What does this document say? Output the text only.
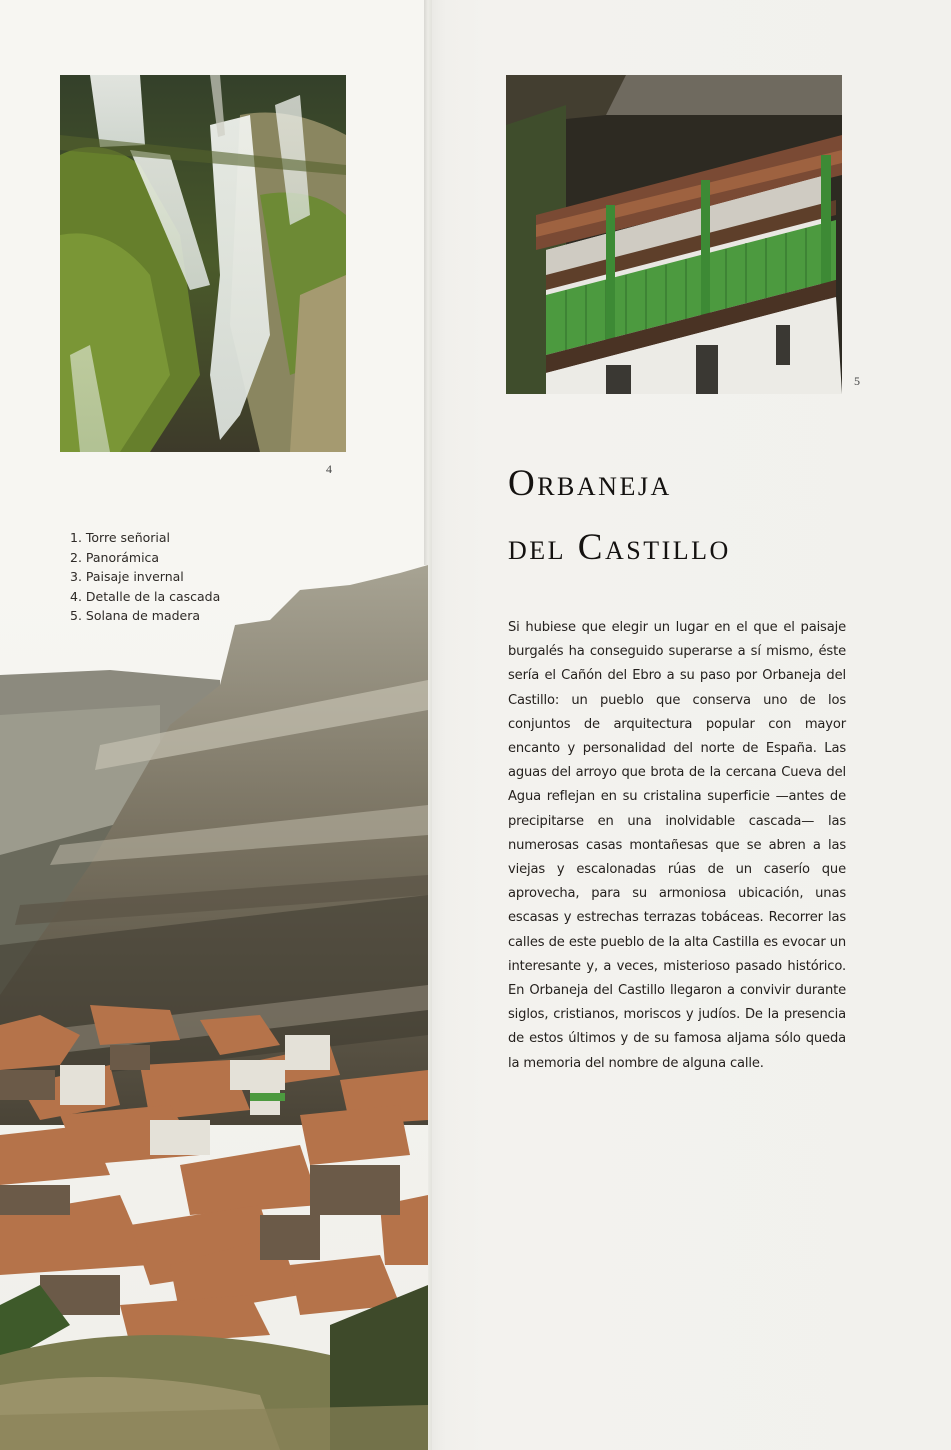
4
5
1. Torre señorial
2. Panorámica
3. Paisaje invernal
4. Detalle de la cascada
5. Solana de madera
Orbaneja
del Castillo

Si hubiese que elegir un lugar en el que el paisaje burgalés ha conseguido superarse a sí mismo, éste sería el Cañón del Ebro a su paso por Orbaneja del Castillo: un pueblo que conserva uno de los conjuntos de arquitectura popular con mayor encanto y personalidad del norte de España. Las aguas del arroyo que brota de la cercana Cueva del Agua reflejan en su cristalina superficie —antes de precipitarse en una inolvidable cascada— las numerosas casas montañesas que se abren a las viejas y escalonadas rúas de un caserío que aprovecha, para su armoniosa ubicación, unas escasas y estrechas terrazas tobáceas. Recorrer las calles de este pueblo de la alta Castilla es evocar un interesante y, a veces, misterioso pasado histórico. En Orbaneja del Castillo llegaron a convivir durante siglos, cristianos, moriscos y judíos. De la presencia de estos últimos y de su famosa aljama sólo queda la memoria del nombre de alguna calle.
